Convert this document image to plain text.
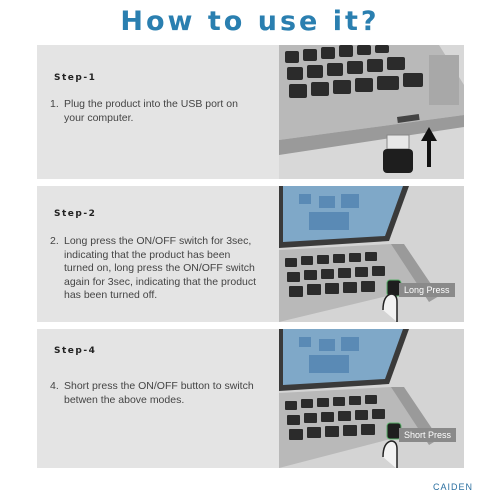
How to use it?
Step-1
1. Plug the product into the USB port on
your computer.
Step-2
2. Long press the ON/OFF switch for 3sec,
indicating that the product has been
turned on, long press the ON/OFF switch
again for 3sec, indicating that the product
has been turned off.	Long Press
Step-4
4. Short press the ON/OFF button to switch
betwen the above modes.
Short Press
CAIDEN
